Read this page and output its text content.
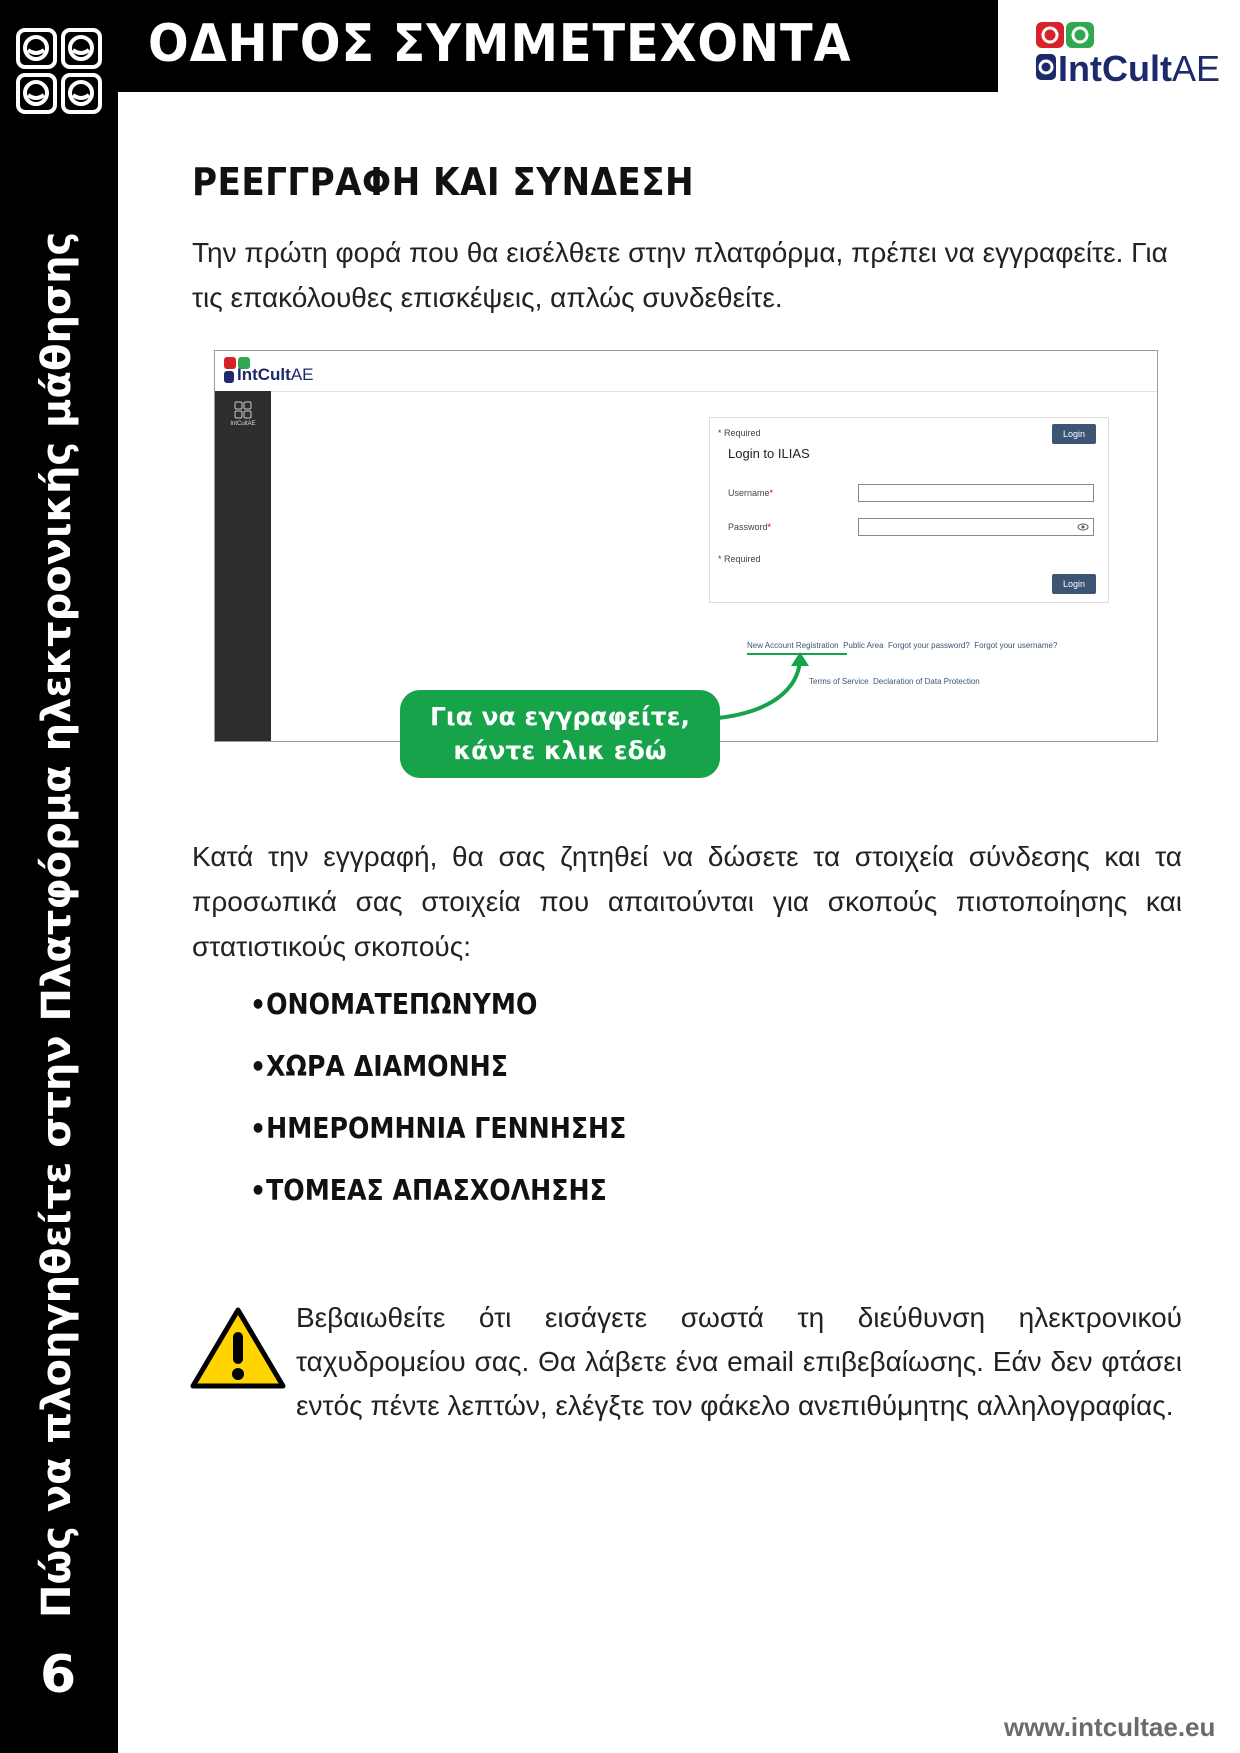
ΟΔΗΓΟΣ ΣΥΜΜΕΤΕΧΟΝΤΑ
Πώς να πλοηγηθείτε στην Πλατφόρμα ηλεκτρονικής μάθησης
6
IntCultAE
ΡΕΕΓΓΡΑΦΗ ΚΑΙ ΣΥΝΔΕΣΗ
Την πρώτη φορά που θα εισέλθετε στην πλατφόρμα, πρέπει να εγγραφείτε. Για τις επακόλουθες επισκέψεις, απλώς συνδεθείτε.
IntCultAE
IntCultAE
* Required	Login
Login to ILIAS
Username*
Password*
* Required
Login
New Account Registration Public Area Forgot your password? Forgot your username?
Terms of Service Declaration of Data Protection
Για να εγγραφείτε,
κάντε κλικ εδώ
Κατά την εγγραφή, θα σας ζητηθεί να δώσετε τα στοιχεία σύνδεσης και τα προσωπικά σας στοιχεία που απαιτούνται για σκοπούς πιστοποίησης και στατιστικούς σκοπούς:
•ΟΝΟΜΑΤΕΠΩΝΥΜΟ
•ΧΩΡΑ ΔΙΑΜΟΝΗΣ
•ΗΜΕΡΟΜΗΝΙΑ ΓΕΝΝΗΣΗΣ
•ΤΟΜΕΑΣ ΑΠΑΣΧΟΛΗΣΗΣ
Βεβαιωθείτε ότι εισάγετε σωστά τη διεύθυνση ηλεκτρονικού ταχυδρομείου σας. Θα λάβετε ένα email επιβεβαίωσης. Εάν δεν φτάσει εντός πέντε λεπτών, ελέγξτε τον φάκελο ανεπιθύμητης αλληλογραφίας.
www.intcultae.eu
